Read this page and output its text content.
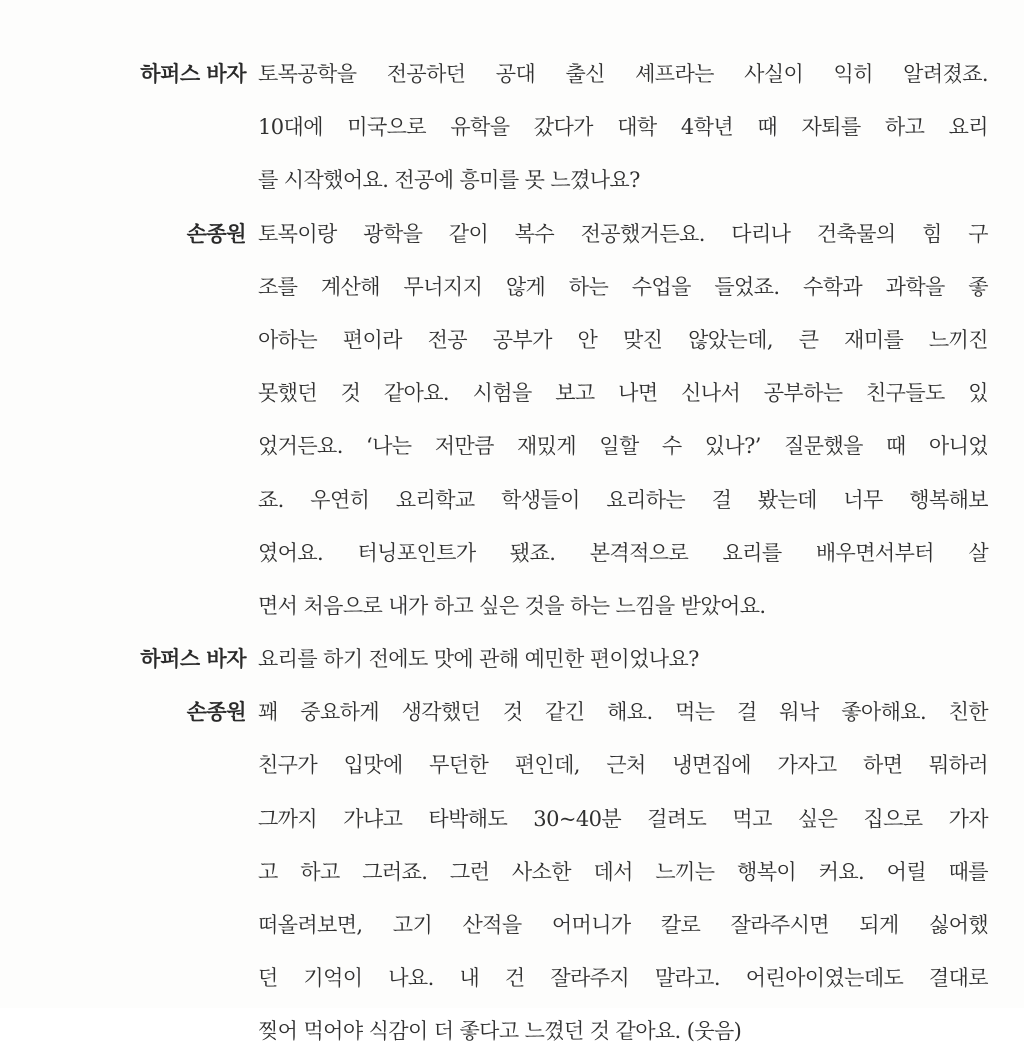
하퍼스 바자 토목공학을 전공하던 공대 출신 셰프라는 사실이 익히 알려졌죠.
10대에 미국으로 유학을 갔다가 대학 4학년 때 자퇴를 하고 요리
를 시작했어요. 전공에 흥미를 못 느꼈나요?
손종원 토목이랑 광학을 같이 복수 전공했거든요. 다리나 건축물의 힘 구
조를 계산해 무너지지 않게 하는 수업을 들었죠. 수학과 과학을 좋
아하는 편이라 전공 공부가 안 맞진 않았는데, 큰 재미를 느끼진
못했던 것 같아요. 시험을 보고 나면 신나서 공부하는 친구들도 있
었거든요. ‘나는 저만큼 재밌게 일할 수 있나?’ 질문했을 때 아니었
죠. 우연히 요리학교 학생들이 요리하는 걸 봤는데 너무 행복해보
였어요. 터닝포인트가 됐죠. 본격적으로 요리를 배우면서부터 살
면서 처음으로 내가 하고 싶은 것을 하는 느낌을 받았어요.
하퍼스 바자 요리를 하기 전에도 맛에 관해 예민한 편이었나요?
손종원 꽤 중요하게 생각했던 것 같긴 해요. 먹는 걸 워낙 좋아해요. 친한
친구가 입맛에 무던한 편인데, 근처 냉면집에 가자고 하면 뭐하러
그까지 가냐고 타박해도 30~40분 걸려도 먹고 싶은 집으로 가자
고 하고 그러죠. 그런 사소한 데서 느끼는 행복이 커요. 어릴 때를
떠올려보면, 고기 산적을 어머니가 칼로 잘라주시면 되게 싫어했
던 기억이 나요. 내 건 잘라주지 말라고. 어린아이였는데도 결대로
찢어 먹어야 식감이 더 좋다고 느꼈던 것 같아요. (웃음)
